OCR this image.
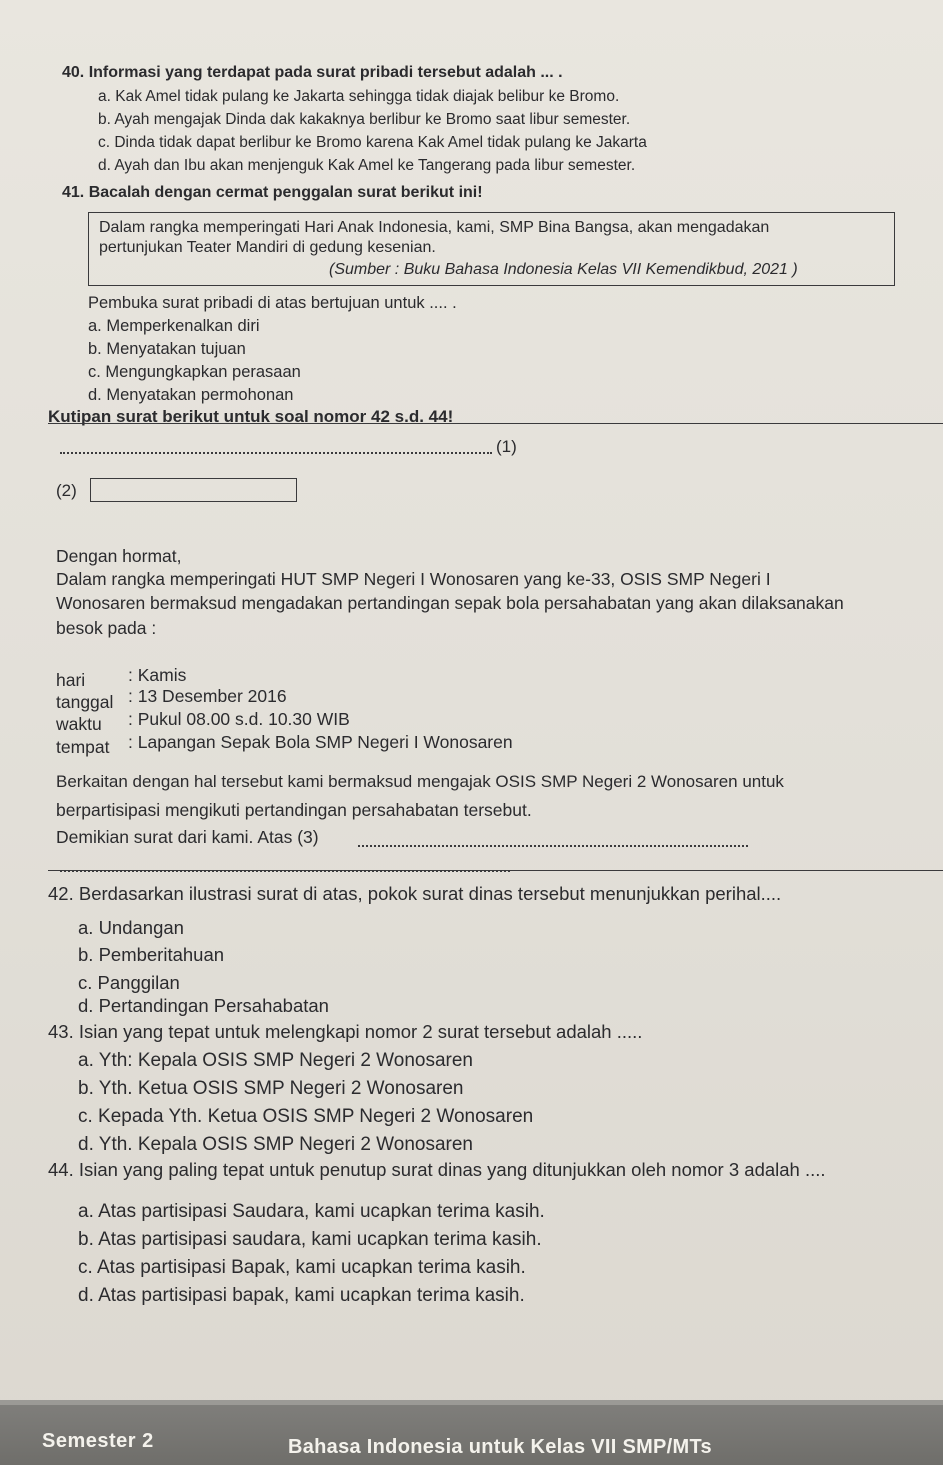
40. Informasi yang terdapat pada surat pribadi tersebut adalah ... .
a. Kak Amel tidak pulang ke Jakarta sehingga tidak diajak belibur ke Bromo.
b. Ayah mengajak Dinda dak kakaknya berlibur ke Bromo saat libur semester.
c. Dinda tidak dapat berlibur ke Bromo karena Kak Amel tidak pulang ke Jakarta
d. Ayah dan Ibu akan menjenguk Kak Amel ke Tangerang pada libur semester.
41. Bacalah dengan cermat penggalan surat berikut ini!
Dalam rangka memperingati Hari Anak Indonesia, kami, SMP Bina Bangsa, akan mengadakan
pertunjukan Teater Mandiri di gedung kesenian.
(Sumber : Buku Bahasa Indonesia Kelas VII Kemendikbud, 2021 )
Pembuka surat pribadi di atas bertujuan untuk .... .
a. Memperkenalkan diri
b. Menyatakan tujuan
c. Mengungkapkan perasaan
d. Menyatakan permohonan
Kutipan surat berikut untuk soal nomor 42 s.d. 44!
(1)
(2)
Dengan hormat,
Dalam rangka memperingati HUT SMP Negeri I Wonosaren yang ke-33, OSIS SMP Negeri I
Wonosaren bermaksud mengadakan pertandingan sepak bola persahabatan yang akan dilaksanakan
besok pada :
hari : Kamis
tanggal : 13 Desember 2016
waktu : Pukul 08.00 s.d. 10.30 WIB
tempat : Lapangan Sepak Bola SMP Negeri I Wonosaren
Berkaitan dengan hal tersebut kami bermaksud mengajak OSIS SMP Negeri 2 Wonosaren untuk
berpartisipasi mengikuti pertandingan persahabatan tersebut.
Demikian surat dari kami. Atas (3)
42. Berdasarkan ilustrasi surat di atas, pokok surat dinas tersebut menunjukkan perihal....
a. Undangan
b. Pemberitahuan
c. Panggilan
d. Pertandingan Persahabatan
43. Isian yang tepat untuk melengkapi nomor 2 surat tersebut adalah .....
a. Yth: Kepala OSIS SMP Negeri 2 Wonosaren
b. Yth. Ketua OSIS SMP Negeri 2 Wonosaren
c. Kepada Yth. Ketua OSIS SMP Negeri 2 Wonosaren
d. Yth. Kepala OSIS SMP Negeri 2 Wonosaren
44. Isian yang paling tepat untuk penutup surat dinas yang ditunjukkan oleh nomor 3 adalah ....
a. Atas partisipasi Saudara, kami ucapkan terima kasih.
b. Atas partisipasi saudara, kami ucapkan terima kasih.
c. Atas partisipasi Bapak, kami ucapkan terima kasih.
d. Atas partisipasi bapak, kami ucapkan terima kasih.
Semester 2	Bahasa Indonesia untuk Kelas VII SMP/MTs
